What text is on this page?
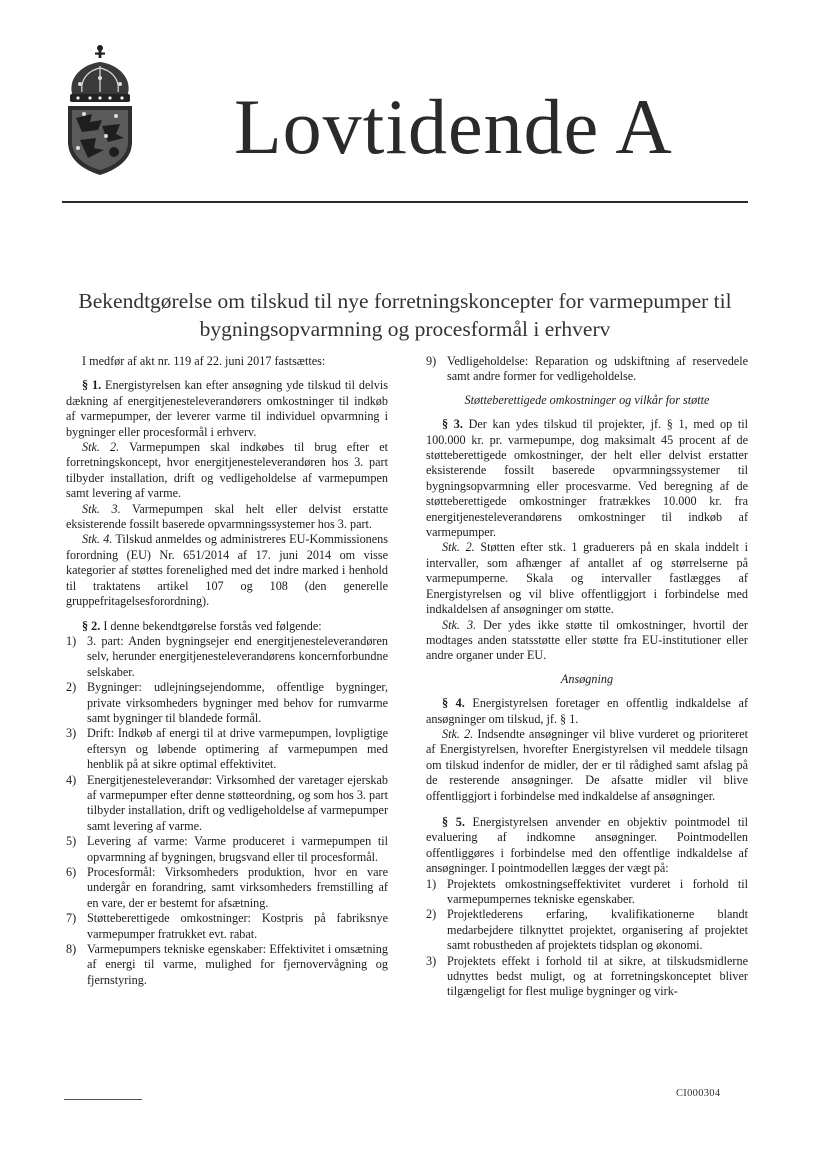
Lovtidende A
Bekendtgørelse om tilskud til nye forretningskoncepter for varmepumper til
bygningsopvarmning og procesformål i erhverv

I medfør af akt nr. 119 af 22. juni 2017 fastsættes:

§ 1. Energistyrelsen kan efter ansøgning yde tilskud til delvis dækning af energitjenesteleverandørers omkostninger til indkøb af varmepumper, der leverer varme til individuel opvarmning i bygninger eller procesformål i erhverv.

Stk. 2. Varmepumpen skal indkøbes til brug efter et forretningskoncept, hvor energitjenesteleverandøren hos 3. part tilbyder installation, drift og vedligeholdelse af varmepumpen samt levering af varme.

Stk. 3. Varmepumpen skal helt eller delvist erstatte eksisterende fossilt baserede opvarmningssystemer hos 3. part.

Stk. 4. Tilskud anmeldes og administreres EU-Kommissionens forordning (EU) Nr. 651/2014 af 17. juni 2014 om visse kategorier af støttes forenelighed med det indre marked i henhold til traktatens artikel 107 og 108 (den generelle gruppefritagelsesforordning).

§ 2. I denne bekendtgørelse forstås ved følgende:

1) 3. part: Anden bygningsejer end energitjenesteleverandøren selv, herunder energitjenesteleverandørens koncernforbundne selskaber.
2) Bygninger: udlejningsejendomme, offentlige bygninger, private virksomheders bygninger med behov for rumvarme samt bygninger til blandede formål.
3) Drift: Indkøb af energi til at drive varmepumpen, lovpligtige eftersyn og løbende optimering af varmepumpen med henblik på at sikre optimal effektivitet.
4) Energitjenesteleverandør: Virksomhed der varetager ejerskab af varmepumper efter denne støtteordning, og som hos 3. part tilbyder installation, drift og vedligeholdelse af varmepumper samt levering af varme.
5) Levering af varme: Varme produceret i varmepumpen til opvarmning af bygningen, brugsvand eller til procesformål.
6) Procesformål: Virksomheders produktion, hvor en vare undergår en forandring, samt virksomheders fremstilling af en vare, der er bestemt for afsætning.
7) Støtteberettigede omkostninger: Kostpris på fabriksnye varmepumper fratrukket evt. rabat.
8) Varmepumpers tekniske egenskaber: Effektivitet i omsætning af energi til varme, mulighed for fjernovervågning og fjernstyring.
9) Vedligeholdelse: Reparation og udskiftning af reservedele samt andre former for vedligeholdelse.

Støtteberettigede omkostninger og vilkår for støtte

§ 3. Der kan ydes tilskud til projekter, jf. § 1, med op til 100.000 kr. pr. varmepumpe, dog maksimalt 45 procent af de støtteberettigede omkostninger, der helt eller delvist erstatter eksisterende fossilt baserede opvarmningssystemer til bygningsopvarmning eller procesvarme. Ved beregning af de støtteberettigede omkostninger fratrækkes 10.000 kr. fra energitjenesteleverandørens omkostninger til indkøb af varmepumper.

Stk. 2. Støtten efter stk. 1 graduerers på en skala inddelt i intervaller, som afhænger af antallet af og størrelserne på varmepumperne. Skala og intervaller fastlægges af Energistyrelsen og vil blive offentliggjort i forbindelse med indkaldelsen af ansøgninger om støtte.

Stk. 3. Der ydes ikke støtte til omkostninger, hvortil der modtages anden statsstøtte eller støtte fra EU-institutioner eller andre organer under EU.

Ansøgning

§ 4. Energistyrelsen foretager en offentlig indkaldelse af ansøgninger om tilskud, jf. § 1.

Stk. 2. Indsendte ansøgninger vil blive vurderet og prioriteret af Energistyrelsen, hvorefter Energistyrelsen vil meddele tilsagn om tilskud indenfor de midler, der er til rådighed samt afslag på de resterende ansøgninger. De afsatte midler vil blive offentliggjort i forbindelse med indkaldelse af ansøgninger.

§ 5. Energistyrelsen anvender en objektiv pointmodel til evaluering af indkomne ansøgninger. Pointmodellen offentliggøres i forbindelse med den offentlige indkaldelse af ansøgninger. I pointmodellen lægges der vægt på:

1) Projektets omkostningseffektivitet vurderet i forhold til varmepumpernes tekniske egenskaber.
2) Projektlederens erfaring, kvalifikationerne blandt medarbejdere tilknyttet projektet, organisering af projektet samt robustheden af projektets tidsplan og økonomi.
3) Projektets effekt i forhold til at sikre, at tilskudsmidlerne udnyttes bedst muligt, og at forretningskonceptet bliver tilgængeligt for flest mulige bygninger og virk-
CI000304
